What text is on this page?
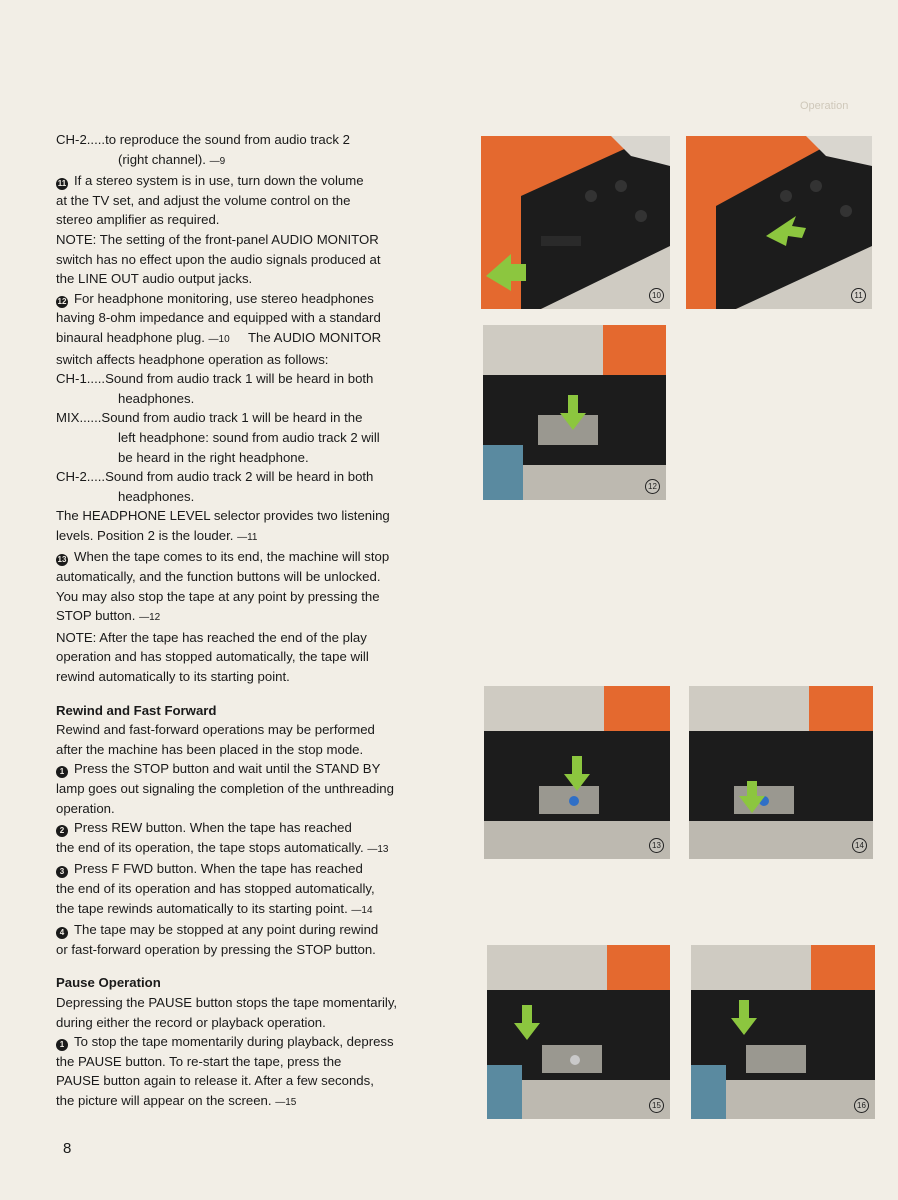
Operation
CH-2.....to reproduce the sound from audio track 2
(right channel). —9
11 If a stereo system is in use, turn down the volume
at the TV set, and adjust the volume control on the
stereo amplifier as required.
NOTE: The setting of the front-panel AUDIO MONITOR
switch has no effect upon the audio signals produced at
the LINE OUT audio output jacks.
12 For headphone monitoring, use stereo headphones
having 8-ohm impedance and equipped with a standard
binaural headphone plug. —10 The AUDIO MONITOR
switch affects headphone operation as follows:
CH-1.....Sound from audio track 1 will be heard in both
headphones.
MIX......Sound from audio track 1 will be heard in the
left headphone: sound from audio track 2 will
be heard in the right headphone.
CH-2.....Sound from audio track 2 will be heard in both
headphones.
The HEADPHONE LEVEL selector provides two listening
levels. Position 2 is the louder. —11
13 When the tape comes to its end, the machine will stop
automatically, and the function buttons will be unlocked.
You may also stop the tape at any point by pressing the
STOP button. —12
NOTE: After the tape has reached the end of the play
operation and has stopped automatically, the tape will
rewind automatically to its starting point.
Rewind and Fast Forward
Rewind and fast-forward operations may be performed
after the machine has been placed in the stop mode.
1 Press the STOP button and wait until the STAND BY
lamp goes out signaling the completion of the unthreading
operation.
2 Press REW button. When the tape has reached
the end of its operation, the tape stops automatically. —13
3 Press F FWD button. When the tape has reached
the end of its operation and has stopped automatically,
the tape rewinds automatically to its starting point. —14
4 The tape may be stopped at any point during rewind
or fast-forward operation by pressing the STOP button.
Pause Operation
Depressing the PAUSE button stops the tape momentarily,
during either the record or playback operation.
1 To stop the tape momentarily during playback, depress
the PAUSE button. To re-start the tape, press the
PAUSE button again to release it. After a few seconds,
the picture will appear on the screen. —15
10	11
12
13	14
15	16
8
